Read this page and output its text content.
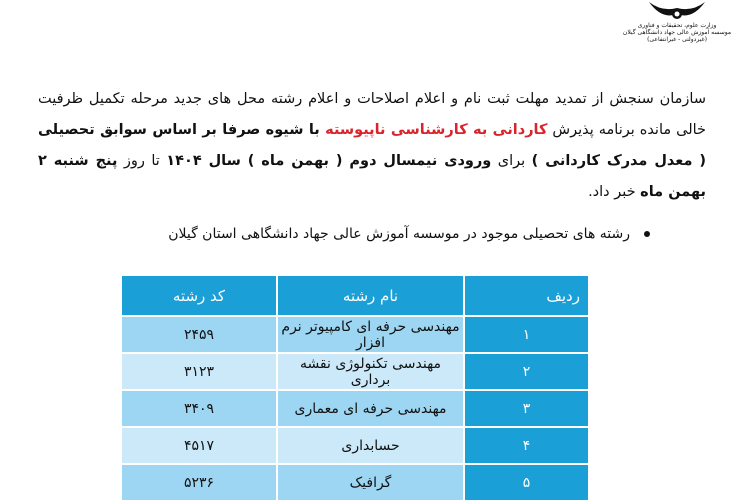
وزارت علوم، تحقیقات و فناوری
موسسه آموزش عالی جهاد دانشگاهی گیلان
(غیردولتی - غیرانتفاعی)
سازمان سنجش از تمدید مهلت ثبت نام و اعلام اصلاحات و اعلام رشته محل های جدید مرحله تکمیل ظرفیت خالی مانده برنامه پذیرش کاردانی به کارشناسی ناپیوسته با شیوه صرفا بر اساس سوابق تحصیلی ( معدل مدرک کاردانی ) برای ورودی نیمسال دوم ( بهمن ماه ) سال ۱۴۰۴ تا روز پنج شنبه ۲ بهمن ماه خبر داد.
رشته های تحصیلی موجود در موسسه آموزش عالی جهاد دانشگاهی استان گیلان
ردیف	نام رشته	کد رشته
۱	مهندسی حرفه ای کامپیوتر نرم افزار	۲۴۵۹
۲	مهندسی تکنولوژی نقشه برداری	۳۱۲۳
۳	مهندسی حرفه ای معماری	۳۴۰۹
۴	حسابداری	۴۵۱۷
۵	گرافیک	۵۲۳۶
